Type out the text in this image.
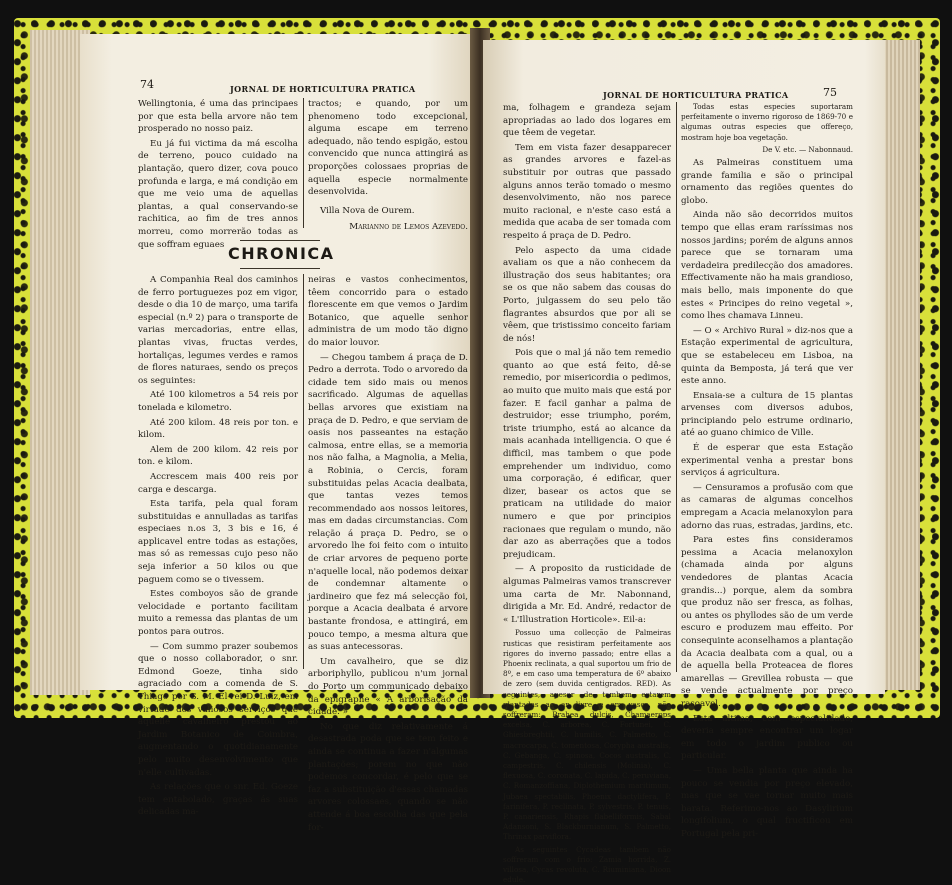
74	JORNAL DE HORTICULTURA PRATICA

Wellingtonia, é uma das principaes por que esta bella arvore não tem prosperado no nosso paiz.

Eu já fui victima da má escolha de terreno, pouco cuidado na plantação, quero dizer, cova pouco profunda e larga, e má condição em que me veio uma de aquellas plantas, a qual conservando-se rachitica, ao fim de tres annos morreu, como morrerão todas as que soffram eguaes

tractos; e quando, por um phenomeno todo excepcional, alguma escape em terreno adequado, não tendo espigão, estou convencido que nunca attingirá as proporções colossaes proprias de aquella especie normalmente desenvolvida.

Villa Nova de Ourem.

Marianno de Lemos Azevedo.

CHRONICA

A Companhia Real dos caminhos de ferro portuguezes poz em vigor, desde o dia 10 de março, uma tarifa especial (n.º 2) para o transporte de varias mercadorias, entre ellas, plantas vivas, fructas verdes, hortaliças, legumes verdes e ramos de flores naturaes, sendo os preços os seguintes:

Até 100 kilometros a 54 reis por tonelada e kilometro.

Até 200 kilom. 48 reis por ton. e kilom.

Alem de 200 kilom. 42 reis por ton. e kilom.

Accrescem mais 400 reis por carga e descarga.

Esta tarifa, pela qual foram substituidas e annulladas as tarifas especiaes n.os 3, 3 bis e 16, é applicavel entre todas as estações, mas só as remessas cujo peso não seja inferior a 50 kilos ou que paguem como se o tivessem.

Estes comboyos são de grande velocidade e portanto facilitam muito a remessa das plantas de um pontos para outros.

— Com summo prazer soubemos que o nosso collaborador, o snr. Edmond Goeze, tinha sido agraciado com a comenda de S. Thiago por S. M. El-rei D. Luiz, em virtude dos valiosos serviços que aquelle cavalheiro prestou ao Jardim Botanico de Coimbra, augmentando o quotidianamente pelo muito desenvolvimento que n'elle cultivadas.

As relações que o snr. Ed. Goeze tem entabolado, graças ás suas delicadas ma-

neiras e vastos conhecimentos, têem concorrido para o estado florescente em que vemos o Jardim Botanico, que aquelle senhor administra de um modo tão digno do maior louvor.

— Chegou tambem á praça de D. Pedro a derrota. Todo o arvoredo da cidade tem sido mais ou menos sacrificado. Algumas de aquellas bellas arvores que existiam na praça de D. Pedro, e que serviam de oasis nos passeantes na estação calmosa, entre ellas, se a memoria nos não falha, a Magnolia, a Melia, a Robinia, o Cercis, foram substituidas pelas Acacia dealbata, que tantas vezes temos recommendado aos nossos leitores, mas em dadas circumstancias. Com relação á praça D. Pedro, se o arvoredo lhe foi feito com o intuito de criar arvores de pequeno porte n'aquelle local, não podemos deixar de condemnar altamente o jardineiro que fez má selecção foi, porque a Acacia dealbata é arvore bastante frondosa, e attingirá, em pouco tempo, a mesma altura que as suas antecessoras.

Um cavalheiro, que se diz arboriphyllo, publicou n'um jornal do Porto um communicado debaixo da epigraphe « A arborisação da cidade. »

No que diz relativamente á desastrada poda que se tem feito e ainda se continua a fazer n'algumas plantações; porem no que não podemos concordar, é pelo que se faz a substituição d'essas chamadas arvores colossaes, quando se não attende á boa escolha das que pela for-

JORNAL DE HORTICULTURA PRATICA	75

ma, folhagem e grandeza sejam apropriadas ao lado dos logares em que têem de vegetar.

Tem em vista fazer desapparecer as grandes arvores e fazel-as substituir por outras que passado alguns annos terão tomado o mesmo desenvolvimento, não nos parece muito racional, e n'este caso está a medida que acaba de ser tomada com respeito á praça de D. Pedro.

Pelo aspecto da uma cidade avaliam os que a não conhecem da illustração dos seus habitantes; ora se os que não sabem das cousas do Porto, julgassem do seu pelo tão flagrantes absurdos que por ali se vêem, que tristissimo conceito fariam de nós!

Pois que o mal já não tem remedio quanto ao que está feito, dê-se remedio, por misericordia o pedimos, ao muito que muito mais que está por fazer. E facil ganhar a palma de destruidor; esse triumpho, porém, triste triumpho, está ao alcance da mais acanhada intelligencia. O que é difficil, mas tambem o que pode emprehender um individuo, como uma corporação, é edificar, quer dizer, basear os actos que se praticam na utilidade do maior numero e que por principios racionaes que regulam o mundo, não dar azo as aberrações que a todos prejudicam.

— A proposito da rusticidade de algumas Palmeiras vamos transcrever uma carta de Mr. Nabonnand, dirigida a Mr. Ed. André, redactor de « L'Illustration Horticole». Eil-a:

Possuo uma collecção de Palmeiras rusticas que resistiram perfeitamente aos rigores do inverno passado; entre ellas a Phoenix reclinata, a qual suportou um frio de 8º, e em caso uma temperatura de 6º abaixo de zero (sem duvida centigrados. RED). As seguintes, apesar de tambem estarem plantadas ao ar livre e em vasos, não soffreram: Brahea dulcis, Chamaerops excelsa, C. arborea, C. Fortunei, C. Ghiesbreghtii, C. humilis, C. Palmetto, C. macrocarpa, C. tomentosa, Corypha australis, C. Gebanga, C. spinosa, Cocos australis, C. campestris, C. chilensis (Molinia), C. flexuosa, C. coronata, C. lapida, C. peruviana, C. Romanzoffiana, Diplothemium maritimum, Jubaea spectabilis, Phoenix dactylifera, P. farinifera, P. reclinata, P. sylvestris, P. tenuis, P. canariensis, Rhapis flabelliformis, Sabal Adansoni, S. Blackburnianum, S. Palmetto, Thrinax parviflora.

As seguintes Cycadeas tambem não soffreram com o frio: Zamia horrida, Z. villosa, Cycas revoluta, C. Riuminiana, Dioon edule.

Todas estas especies suportaram perfeitamente o inverno rigoroso de 1869-70 e algumas outras especies que offereço, mostram hoje boa vegetação.

De V. etc. — Nabonnaud.

As Palmeiras constituem uma grande familia e são o principal ornamento das regiões quentes do globo.

Ainda não são decorridos muitos tempo que ellas eram raríssimas nos nossos jardins; porém de alguns annos parece que se tornaram uma verdadeira predilecção dos amadores. Effectivamente não ha mais grandioso, mais bello, mais imponente do que estes « Principes do reino vegetal », como lhes chamava Linneu.

— O « Archivo Rural » diz-nos que a Estação experimental de agricultura, que se estabeleceu em Lisboa, na quinta da Bemposta, já terá que ver este anno.

Ensaia-se a cultura de 15 plantas arvenses com diversos adubos, principiando pelo estrume ordinario, até ao guano chimico de Ville.

É de esperar que esta Estação experimental venha a prestar bons serviços á agricultura.

— Censuramos a profusão com que as camaras de algumas concelhos empregam a Acacia melanoxylon para adorno das ruas, estradas, jardins, etc.

Para estes fins consideramos pessima a Acacia melanoxylon (chamada ainda por alguns vendedores de plantas Acacia grandis...) porque, alem da sombra que produz não ser fresca, as folhas, ou antes os phyllodes são de um verde escuro e produzem mau effeito. Por consequinte aconselhamos a plantação da Acacia dealbata com a qual, ou a de aquella bella Proteacea de flores amarellas — Grevillea robusta — que se vende actualmente por preço rasoavel.

Esta ultima, com especialidade, deveria sempre encontrar um logar em todo o jardim publico ou particular.

— Uma bella planta que ainda ha pouco se vendia por preço elevado, mas que se vae tornar muito mais barata. Referimo-nos ao Dasylirium longifolium, o qual fructificou em Portugal pela pri-
